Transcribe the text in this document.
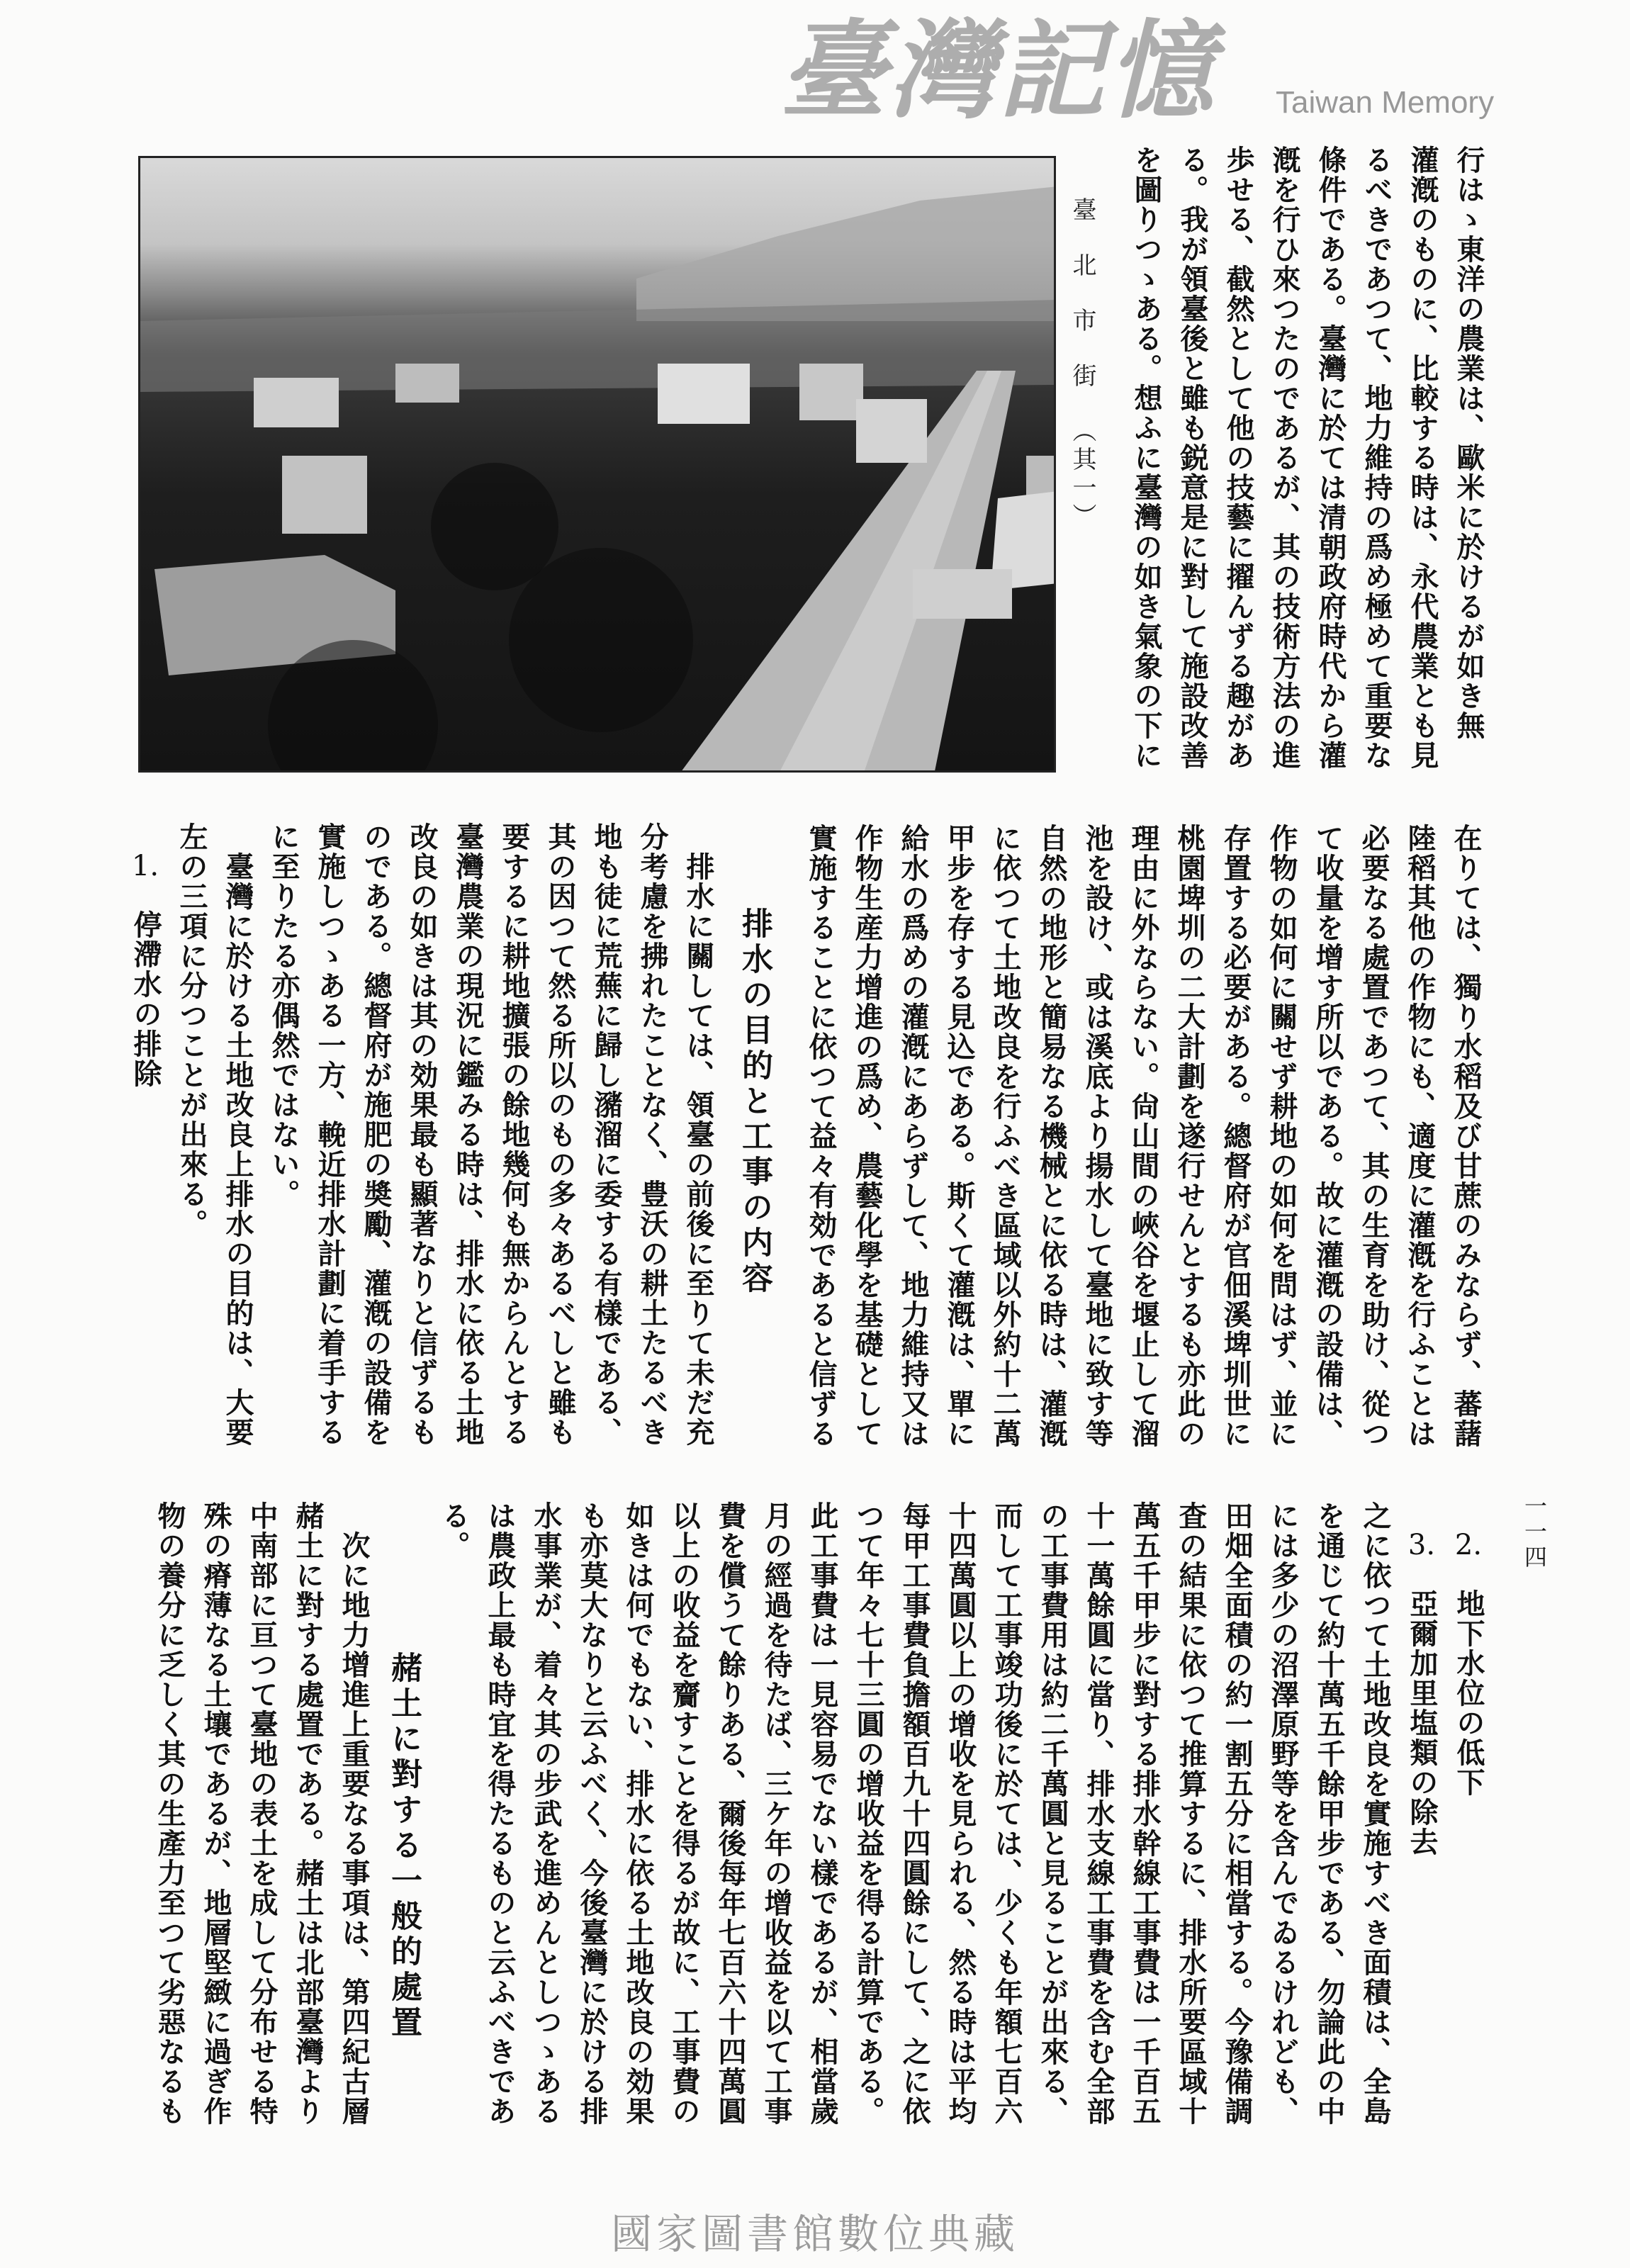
臺北市街（其一）	行はゝ東洋の農業は、歐米に於けるが如き無
灌漑のものに、比較する時は、永代農業とも見
るべきであつて、地力維持の爲め極めて重要な
條件である。臺灣に於ては清朝政府時代から灌
漑を行ひ來つたのであるが、其の技術方法の進
歩せる、截然として他の技藝に擢んずる趣があ
る。我が領臺後と雖も鋭意是に對して施設改善
を圖りつゝある。想ふに臺灣の如き氣象の下に
在りては、獨り水稻及び甘蔗のみならず、蕃藷
陸稻其他の作物にも、適度に灌漑を行ふことは
必要なる處置であつて、其の生育を助け、從つ
て收量を增す所以である。故に灌漑の設備は、
作物の如何に關せず耕地の如何を問はず、並に
存置する必要がある。總督府が官佃溪埤圳世に
桃園埤圳の二大計劃を遂行せんとするも亦此の
理由に外ならない。尙山間の峽谷を堰止して溜
池を設け、或は溪底より揚水して臺地に致す等
自然の地形と簡易なる機械とに依る時は、灌漑
に依つて土地改良を行ふべき區域以外約十二萬
甲步を存する見込である。斯くて灌漑は、單に
給水の爲めの灌漑にあらずして、地力維持又は
作物生産力增進の爲め、農藝化學を基礎として
實施することに依つて益々有効であると信ずる
排水の目的と工事の内容
　排水に關しては、領臺の前後に至りて未だ充
分考慮を拂れたことなく、豊沃の耕土たるべき
地も徒に荒蕪に歸し瀦溜に委する有樣である、
其の因つて然る所以のもの多々あるべしと雖も
要するに耕地擴張の餘地幾何も無からんとする
臺灣農業の現況に鑑みる時は、排水に依る土地
改良の如きは其の効果最も顯著なりと信ずるも
のである。總督府が施肥の奬勵、灌漑の設備を
實施しつゝある一方、輓近排水計劃に着手する
に至りたる亦偶然ではない。
　臺灣に於ける土地改良上排水の目的は、大要
左の三項に分つことが出來る。
　1.　停滯水の排除
一一四
　2.　地下水位の低下
　3.　亞爾加里塩類の除去
之に依つて土地改良を實施すべき面積は、全島
を通じて約十萬五千餘甲步である、勿論此の中
には多少の沼澤原野等を含んでゐるけれども、
田畑全面積の約一割五分に相當する。今豫備調
査の結果に依つて推算するに、排水所要區域十
萬五千甲步に對する排水幹線工事費は一千百五
十一萬餘圓に當り、排水支線工事費を含む全部
の工事費用は約二千萬圓と見ることが出來る、
而して工事竣功後に於ては、少くも年額七百六
十四萬圓以上の增收を見られる、然る時は平均
每甲工事費負擔額百九十四圓餘にして、之に依
つて年々七十三圓の增收益を得る計算である。
此工事費は一見容易でない樣であるが、相當歲
月の經過を待たば、三ケ年の增收益を以て工事
費を償うて餘りある、爾後每年七百六十四萬圓
以上の收益を齎すことを得るが故に、工事費の
如きは何でもない、排水に依る土地改良の効果
も亦莫大なりと云ふべく、今後臺灣に於ける排
水事業が、着々其の步武を進めんとしつゝある
は農政上最も時宜を得たるものと云ふべきであ
る。
赭土に對する一般的處置
　次に地力增進上重要なる事項は、第四紀古層
赭土に對する處置である。赭土は北部臺灣より
中南部に亘つて臺地の表土を成して分布せる特
殊の瘠薄なる土壤であるが、地層堅緻に過ぎ作
物の養分に乏しく其の生產力至つて劣惡なるも
臺灣記憶 Taiwan Memory
國家圖書館數位典藏
